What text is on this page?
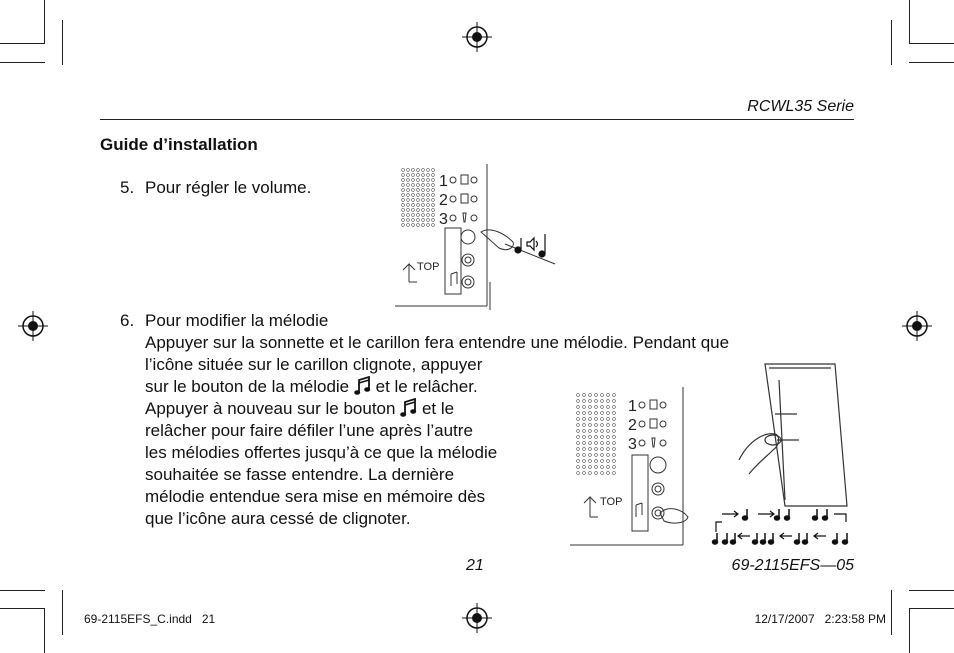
RCWL35 Serie
Guide d’installation
5. Pour régler le volume.	1
2
3
TOP
6. Pour modifier la mélodie
Appuyer sur la sonnette et le carillon fera entendre une mélodie. Pendant que
l’icône située sur le carillon clignote, appuyer
sur le bouton de la mélodie et le relâcher.
Appuyer à nouveau sur le bouton et le
relâcher pour faire défiler l’une après l’autre
les mélodies offertes jusqu’à ce que la mélodie
souhaitée se fasse entendre. La dernière
mélodie entendue sera mise en mémoire dès
que l’icône aura cessé de clignoter.
1
2
3
TOP
21	69-2115EFS—05
69-2115EFS_C.indd   21	12/17/2007   2:23:58 PM
